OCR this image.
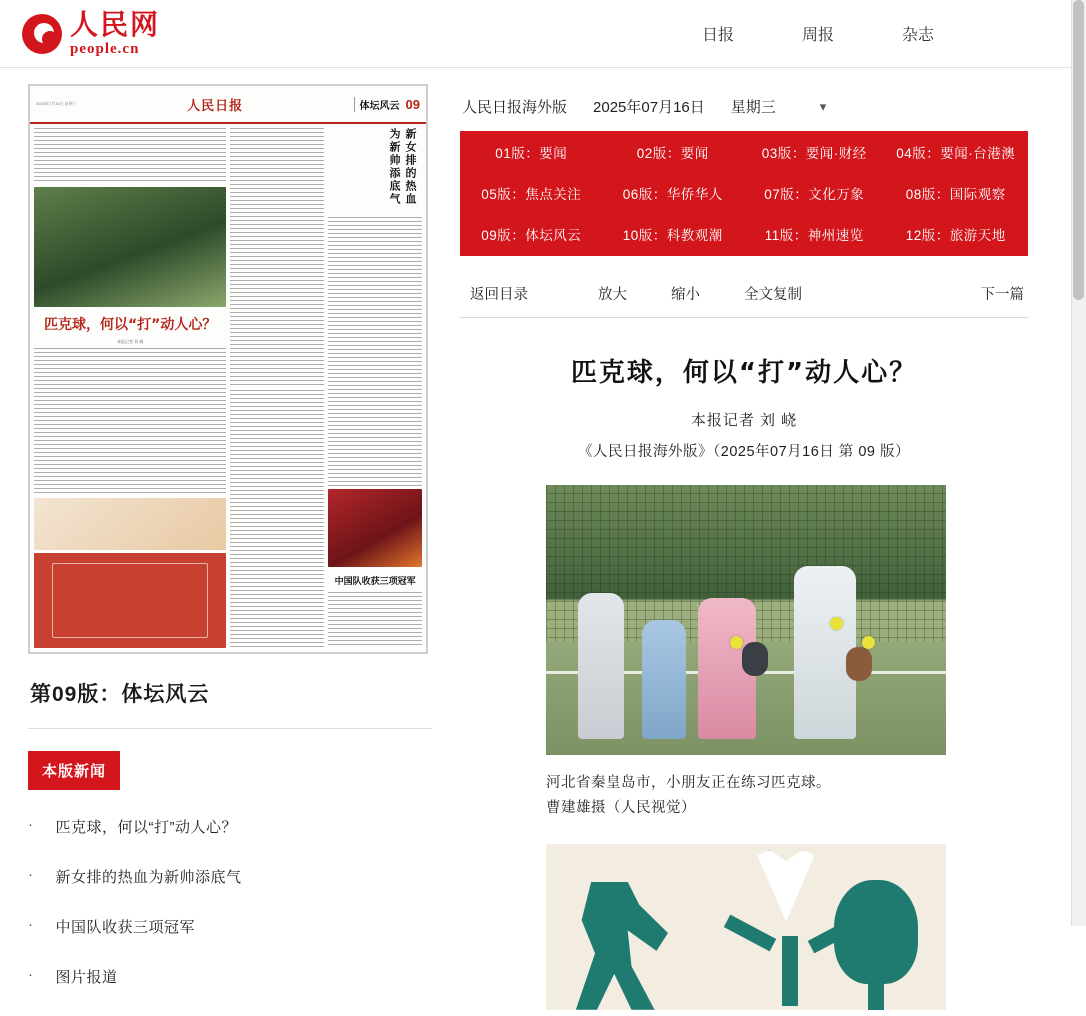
人民网
people.cn
日报	周报	杂志
2025年7月16日 星期三	人民日报	体坛风云 09
匹克球，何以“打”动人心？
本报记者 刘 峣
新女排的热血为新帅添底气
中国队收获三项冠军
第09版：体坛风云
本版新闻
· 匹克球，何以“打”动人心？
· 新女排的热血为新帅添底气
· 中国队收获三项冠军
· 图片报道
人民日报海外版 2025年07月16日 星期三	▾
01版：要闻	02版：要闻	03版：要闻·财经	04版：要闻·台港澳
05版：焦点关注	06版：华侨华人	07版：文化万象	08版：国际观察
09版：体坛风云	10版：科教观潮	11版：神州速览	12版：旅游天地
返回目录	放大	缩小	全文复制	下一篇
匹克球，何以“打”动人心？
本报记者 刘 峣
《人民日报海外版》（2025年07月16日 第 09 版）
河北省秦皇岛市，小朋友正在练习匹克球。
曹建雄摄（人民视觉）
